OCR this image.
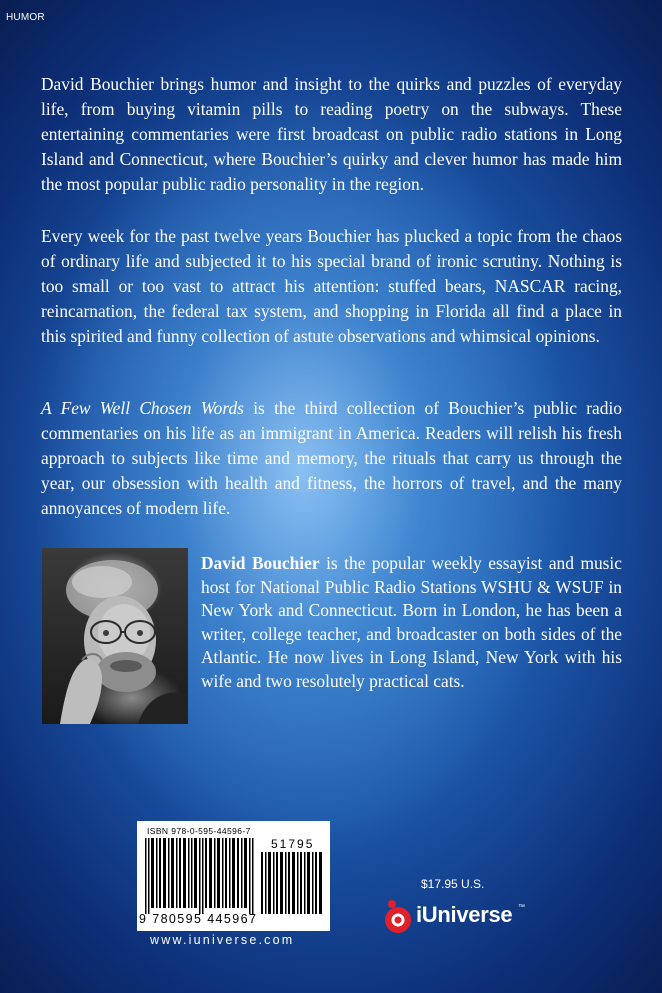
HUMOR

David Bouchier brings humor and insight to the quirks and puzzles of everyday life, from buying vitamin pills to reading poetry on the subways. These entertaining commentaries were first broadcast on public radio stations in Long Island and Connecticut, where Bouchier’s quirky and clever humor has made him the most popular public radio personality in the region.

Every week for the past twelve years Bouchier has plucked a topic from the chaos of ordinary life and subjected it to his special brand of ironic scrutiny. Nothing is too small or too vast to attract his attention: stuffed bears, NASCAR racing, reincarnation, the federal tax system, and shopping in Florida all find a place in this spirited and funny collection of astute observations and whimsical opinions.

A Few Well Chosen Words is the third collection of Bouchier’s public radio commentaries on his life as an immigrant in America. Readers will relish his fresh approach to subjects like time and memory, the rituals that carry us through the year, our obsession with health and fitness, the horrors of travel, and the many annoyances of modern life.

David Bouchier is the popular weekly essayist and music host for National Public Radio Stations WSHU & WSUF in New York and Connecticut. Born in London, he has been a writer, college teacher, and broadcaster on both sides of the Atlantic. He now lives in Long Island, New York with his wife and two resolutely practical cats.

ISBN 978-0-595-44596-7
51795
9 780595 445967
www.iuniverse.com
$17.95 U.S.
iUniverse ™
